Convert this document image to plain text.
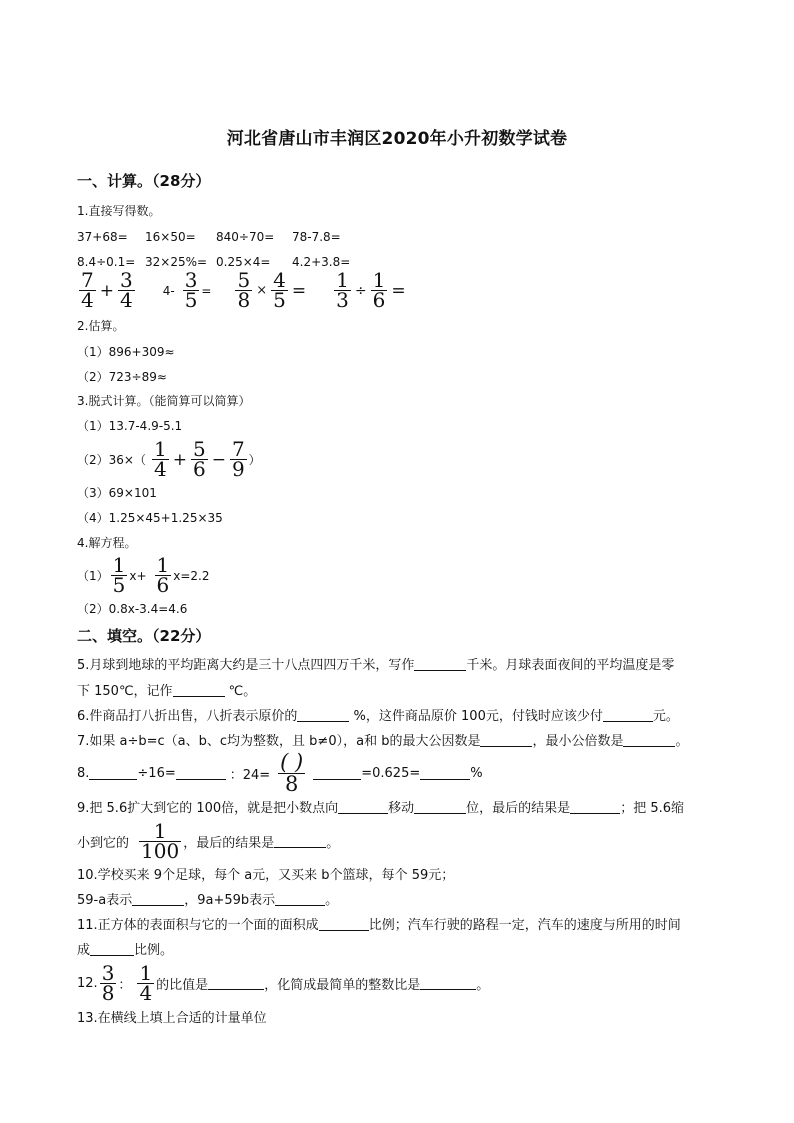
河北省唐山市丰润区2020年小升初数学试卷
一、计算。（28分）
1.直接写得数。
37+68= 16×50= 840÷70= 78-7.8=
8.4÷0.1= 32×25%= 0.25×4= 4.2+3.8=
$\frac{7}{4} + \frac{3}{4} 4- \frac{3}{5} = \frac{5}{8} \times \frac{4}{5} = \frac{1}{3} \div \frac{1}{6}$ =
2.估算。
（1）896+309≈
（2）723÷89≈
3.脱式计算。（能简算可以简算）
（1）13.7-4.9-5.1
$(2)36\times( \frac{1}{4} + \frac{5}{6} - \frac{7}{9}$ ）
（3）69×101
（4）1.25×45+1.25×35
4.解方程。
$(1) \frac{1}{5} x+ \frac{1}{6} x=2.2$
（2）0.8x-3.4=4.6
二、填空。（22分）
5.月球到地球的平均距离大约是三十八点四四万千米，写作	千米。月球表面夜间的平均温度是零
下 150℃，记作	℃。
6.件商品打八折出售，八折表示原价的	%，这件商品原价 100元，付钱时应该少付	元。
7.如果 a÷b=c（a、b、c均为整数，且 b≠0），a和 b的最大公因数是	，最小公倍数是	。
8.	÷16=	：$24= \frac{( )}{8}$	=0.625=	%
9.把 5.6扩大到它的 100倍，就是把小数点向	移动	位，最后的结果是	；把 5.6缩
小到它的 $\frac{1}{100}$ ，最后的结果是	。
10.学校买来 9个足球，每个 a元，又买来 b个篮球，每个 59元；
59-a表示	，9a+59b表示	。
11.正方体的表面积与它的一个面的面积成	比例；汽车行驶的路程一定，汽车的速度与所用的时间
成	比例。
12. $\frac{3}{8}$ ： $\frac{1}{4}$ 的比值是	，化简成最简单的整数比是	。
13.在横线上填上合适的计量单位
